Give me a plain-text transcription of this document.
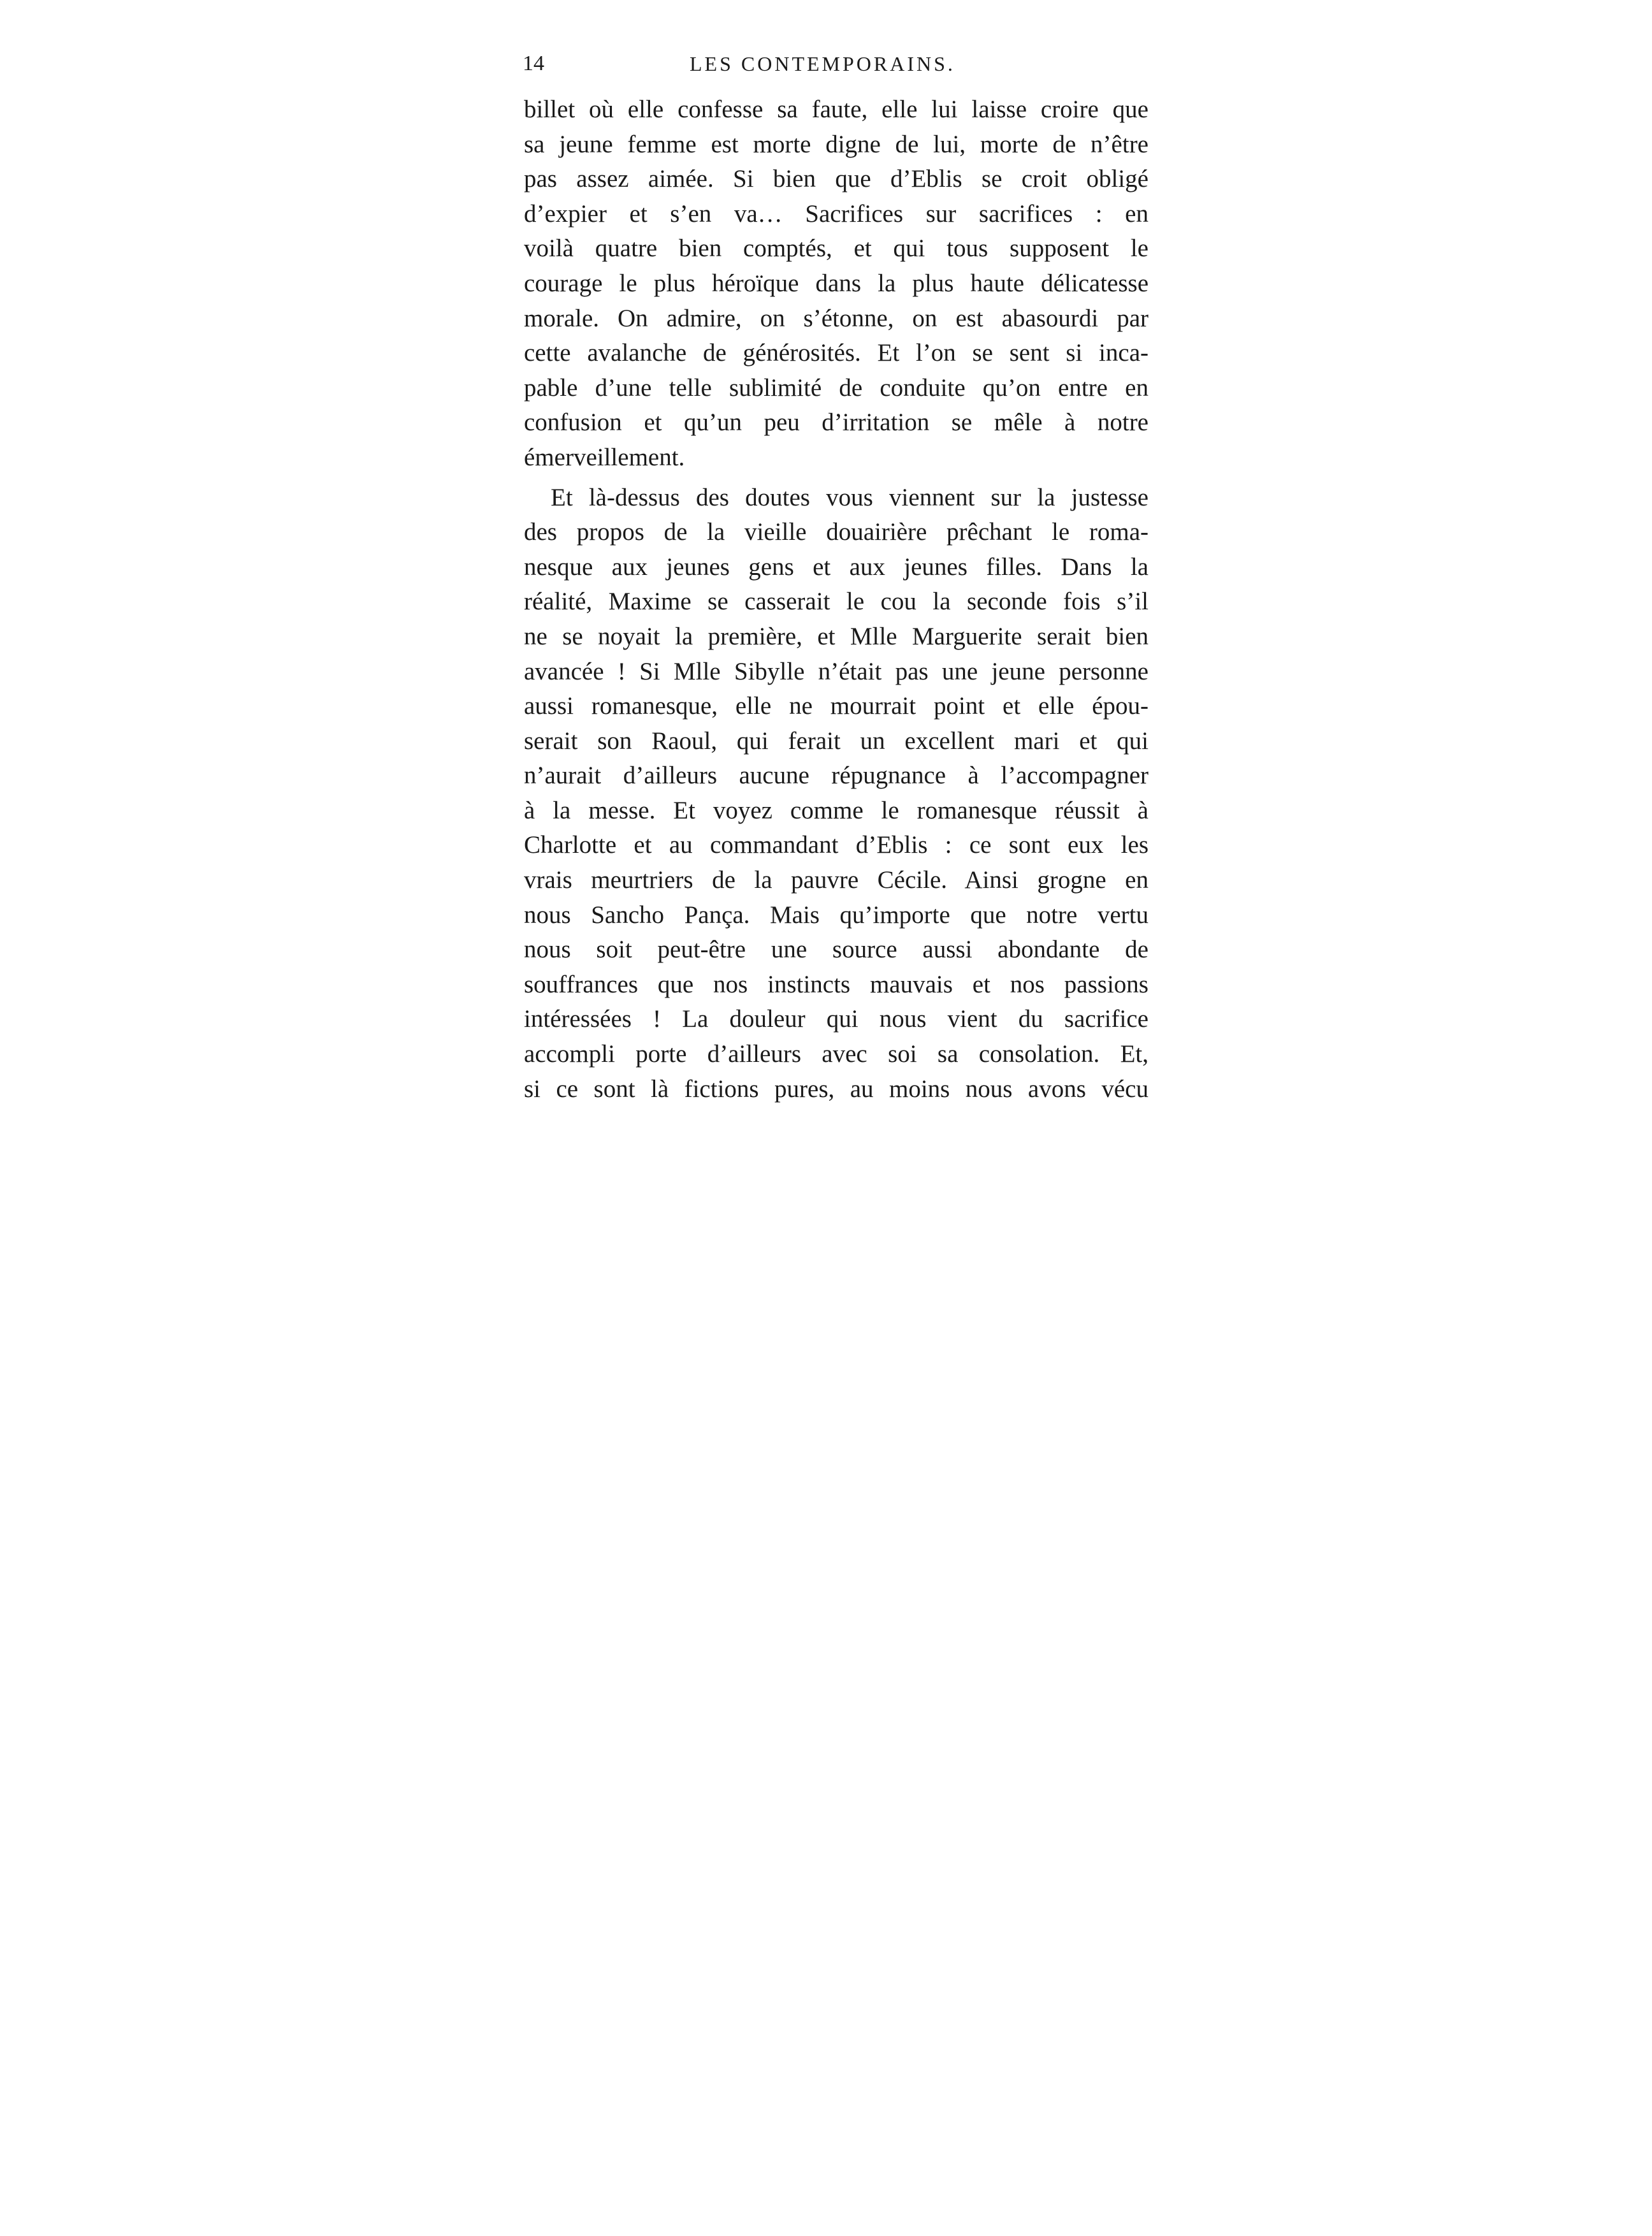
14	LES CONTEMPORAINS.
billet où elle confesse sa faute, elle lui laisse croire que
sa jeune femme est morte digne de lui, morte de n’être
pas assez aimée. Si bien que d’Eblis se croit obligé
d’expier et s’en va… Sacrifices sur sacrifices : en
voilà quatre bien comptés, et qui tous supposent le
courage le plus héroïque dans la plus haute délicatesse
morale. On admire, on s’étonne, on est abasourdi par
cette avalanche de générosités. Et l’on se sent si inca-
pable d’une telle sublimité de conduite qu’on entre en
confusion et qu’un peu d’irritation se mêle à notre
émerveillement.
Et là-dessus des doutes vous viennent sur la justesse
des propos de la vieille douairière prêchant le roma-
nesque aux jeunes gens et aux jeunes filles. Dans la
réalité, Maxime se casserait le cou la seconde fois s’il
ne se noyait la première, et Mlle Marguerite serait bien
avancée ! Si Mlle Sibylle n’était pas une jeune personne
aussi romanesque, elle ne mourrait point et elle épou-
serait son Raoul, qui ferait un excellent mari et qui
n’aurait d’ailleurs aucune répugnance à l’accompagner
à la messe. Et voyez comme le romanesque réussit à
Charlotte et au commandant d’Eblis : ce sont eux les
vrais meurtriers de la pauvre Cécile. Ainsi grogne en
nous Sancho Pança. Mais qu’importe que notre vertu
nous soit peut-être une source aussi abondante de
souffrances que nos instincts mauvais et nos passions
intéressées ! La douleur qui nous vient du sacrifice
accompli porte d’ailleurs avec soi sa consolation. Et,
si ce sont là fictions pures, au moins nous avons vécu
